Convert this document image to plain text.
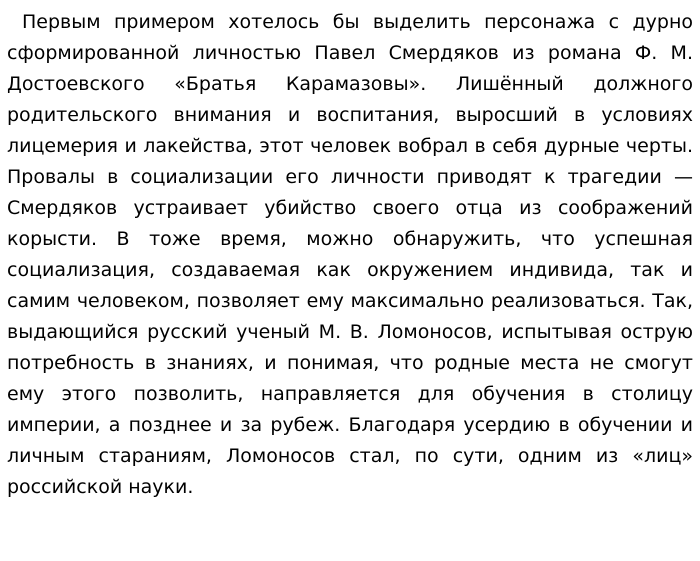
Первым примером хотелось бы выделить персонажа с дурно сформированной личностью Павел Смердяков из романа Ф. М. Достоевского «Братья Карамазовы». Лишённый должного родительского внимания и воспитания, выросший в условиях лицемерия и лакейства, этот человек вобрал в себя дурные черты. Провалы в социализации его личности приводят к трагедии — Смердяков устраивает убийство своего отца из соображений корысти. В тоже время, можно обнаружить, что успешная социализация, создаваемая как окружением индивида, так и самим человеком, позволяет ему максимально реализоваться. Так, выдающийся русский ученый М. В. Ломоносов, испытывая острую потребность в знаниях, и понимая, что родные места не смогут ему этого позволить, направляется для обучения в столицу империи, а позднее и за рубеж. Благодаря усердию в обучении и личным стараниям, Ломоносов стал, по сути, одним из «лиц» российской науки.
